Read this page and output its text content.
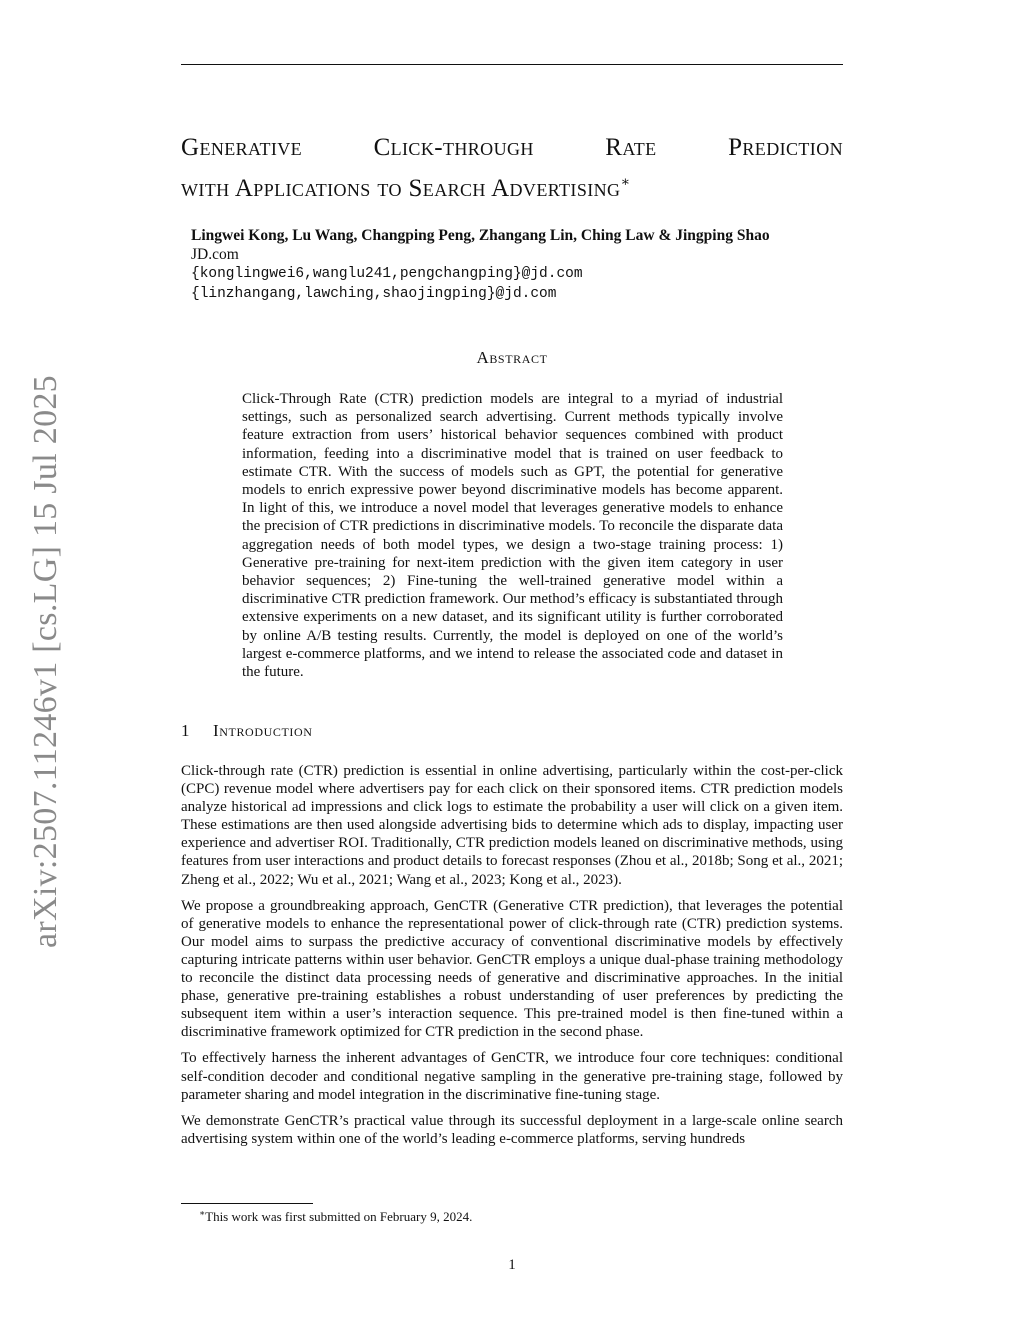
arXiv:2507.11246v1 [cs.LG] 15 Jul 2025
Generative Click-through Rate Prediction
with Applications to Search Advertising∗
Lingwei Kong, Lu Wang, Changping Peng, Zhangang Lin, Ching Law & Jingping Shao
JD.com
{konglingwei6,wanglu241,pengchangping}@jd.com
{linzhangang,lawching,shaojingping}@jd.com
Abstract

Click-Through Rate (CTR) prediction models are integral to a myriad of industrial settings, such as personalized search advertising. Current methods typically involve feature extraction from users’ historical behavior sequences combined with product information, feeding into a discriminative model that is trained on user feedback to estimate CTR. With the success of models such as GPT, the potential for generative models to enrich expressive power beyond discriminative models has become apparent. In light of this, we introduce a novel model that leverages generative models to enhance the precision of CTR predictions in discriminative models. To reconcile the disparate data aggregation needs of both model types, we design a two-stage training process: 1) Generative pre-training for next-item prediction with the given item category in user behavior sequences; 2) Fine-tuning the well-trained generative model within a discriminative CTR prediction framework. Our method’s efficacy is substantiated through extensive experiments on a new dataset, and its significant utility is further corroborated by online A/B testing results. Currently, the model is deployed on one of the world’s largest e-commerce platforms, and we intend to release the associated code and dataset in the future.

1 Introduction

Click-through rate (CTR) prediction is essential in online advertising, particularly within the cost-per-click (CPC) revenue model where advertisers pay for each click on their sponsored items. CTR prediction models analyze historical ad impressions and click logs to estimate the probability a user will click on a given item. These estimations are then used alongside advertising bids to determine which ads to display, impacting user experience and advertiser ROI. Traditionally, CTR prediction models leaned on discriminative methods, using features from user interactions and product details to forecast responses (Zhou et al., 2018b; Song et al., 2021; Zheng et al., 2022; Wu et al., 2021; Wang et al., 2023; Kong et al., 2023).

We propose a groundbreaking approach, GenCTR (Generative CTR prediction), that leverages the potential of generative models to enhance the representational power of click-through rate (CTR) prediction systems. Our model aims to surpass the predictive accuracy of conventional discriminative models by effectively capturing intricate patterns within user behavior. GenCTR employs a unique dual-phase training methodology to reconcile the distinct data processing needs of generative and discriminative approaches. In the initial phase, generative pre-training establishes a robust understanding of user preferences by predicting the subsequent item within a user’s interaction sequence. This pre-trained model is then fine-tuned within a discriminative framework optimized for CTR prediction in the second phase.

To effectively harness the inherent advantages of GenCTR, we introduce four core techniques: conditional self-condition decoder and conditional negative sampling in the generative pre-training stage, followed by parameter sharing and model integration in the discriminative fine-tuning stage.

We demonstrate GenCTR’s practical value through its successful deployment in a large-scale online search advertising system within one of the world’s leading e-commerce platforms, serving hundreds

∗This work was first submitted on February 9, 2024.
1
